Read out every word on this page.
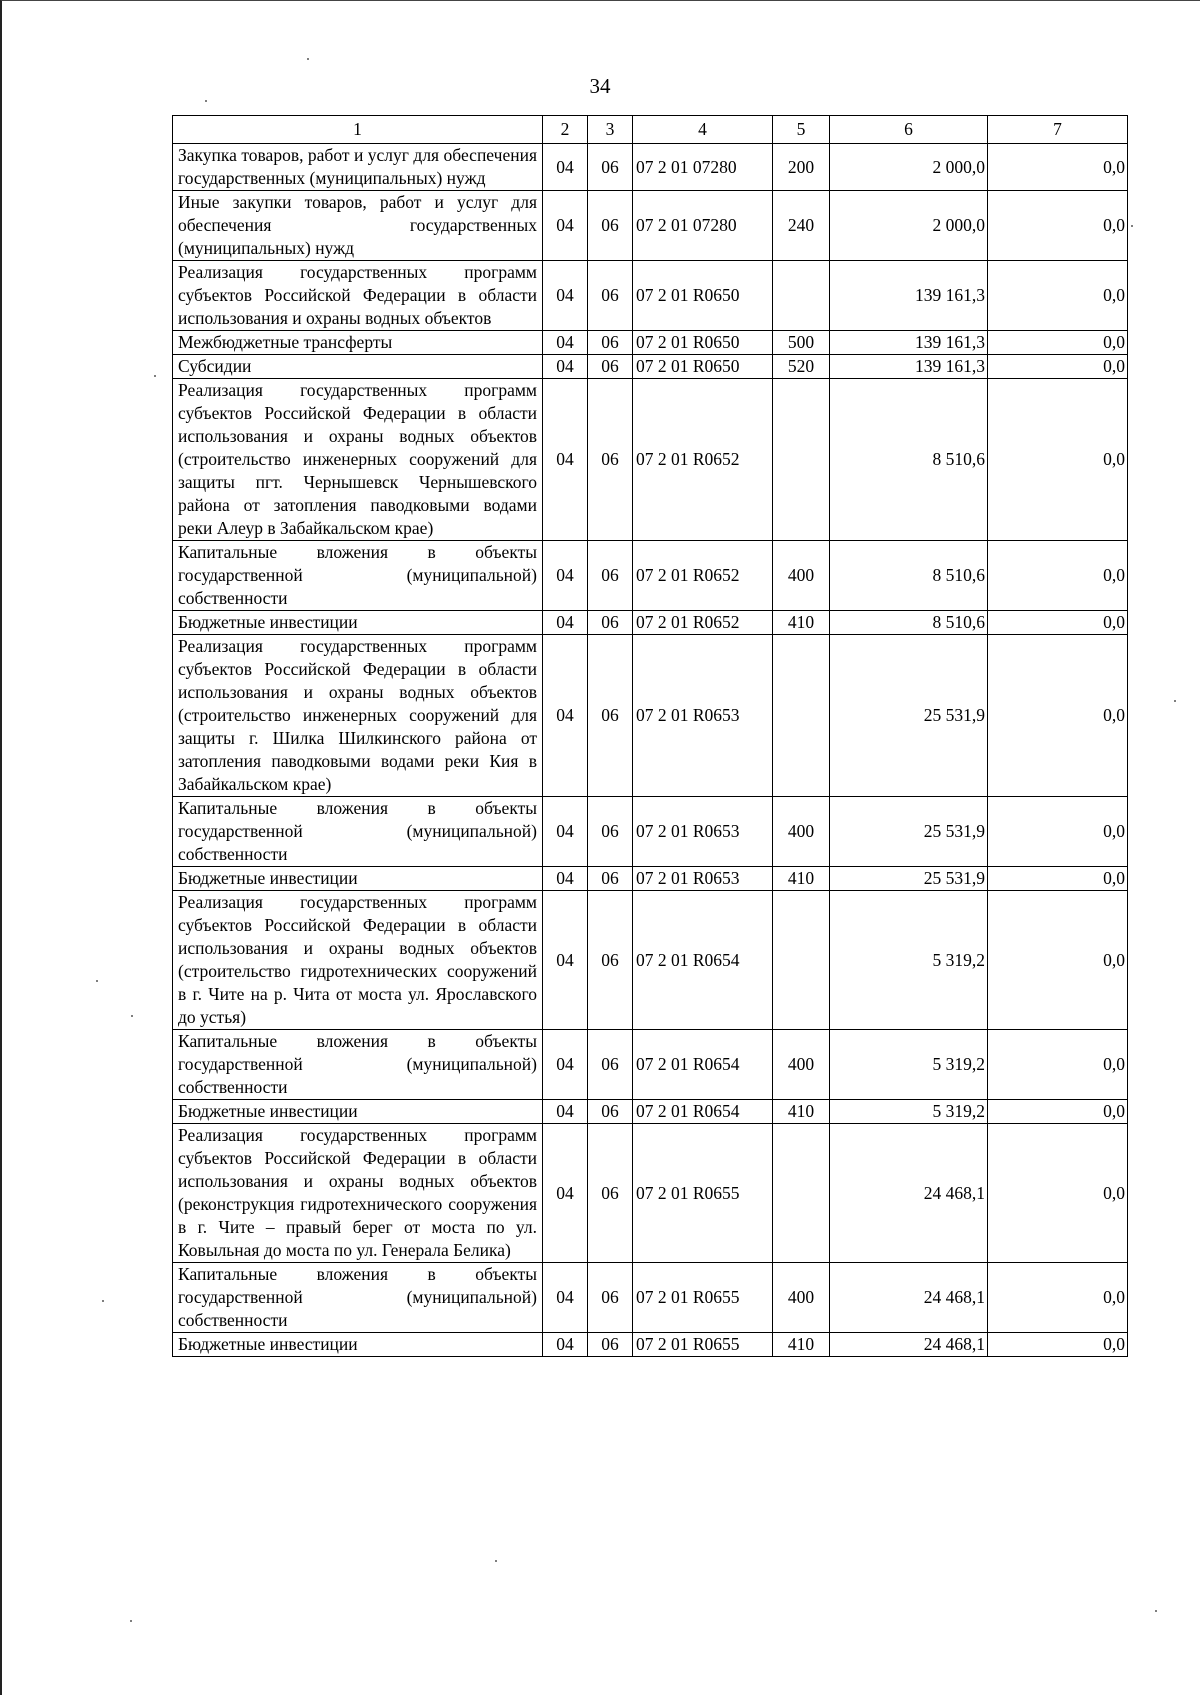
34
1	2	3	4	5	6	7
Закупка товаров, работ и услуг для обеспечения государственных (муниципальных) нужд	04	06	07 2 01 07280	200	2 000,0	0,0
Иные закупки товаров, работ и услуг для обеспечения государственных (муниципальных) нужд	04	06	07 2 01 07280	240	2 000,0	0,0
Реализация государственных программ субъектов Российской Федерации в области использования и охраны водных объектов	04	06	07 2 01 R0650		139 161,3	0,0
Межбюджетные трансферты	04	06	07 2 01 R0650	500	139 161,3	0,0
Субсидии	04	06	07 2 01 R0650	520	139 161,3	0,0
Реализация государственных программ субъектов Российской Федерации в области использования и охраны водных объектов (строительство инженерных сооружений для защиты пгт. Чернышевск Чернышевского района от затопления паводковыми водами реки Алеур в Забайкальском крае)	04	06	07 2 01 R0652		8 510,6	0,0
Капитальные вложения в объекты государственной (муниципальной) собственности	04	06	07 2 01 R0652	400	8 510,6	0,0
Бюджетные инвестиции	04	06	07 2 01 R0652	410	8 510,6	0,0
Реализация государственных программ субъектов Российской Федерации в области использования и охраны водных объектов (строительство инженерных сооружений для защиты г. Шилка Шилкинского района от затопления паводковыми водами реки Кия в Забайкальском крае)	04	06	07 2 01 R0653		25 531,9	0,0
Капитальные вложения в объекты государственной (муниципальной) собственности	04	06	07 2 01 R0653	400	25 531,9	0,0
Бюджетные инвестиции	04	06	07 2 01 R0653	410	25 531,9	0,0
Реализация государственных программ субъектов Российской Федерации в области использования и охраны водных объектов (строительство гидротехнических сооружений в г. Чите на р. Чита от моста ул. Ярославского до устья)	04	06	07 2 01 R0654		5 319,2	0,0
Капитальные вложения в объекты государственной (муниципальной) собственности	04	06	07 2 01 R0654	400	5 319,2	0,0
Бюджетные инвестиции	04	06	07 2 01 R0654	410	5 319,2	0,0
Реализация государственных программ субъектов Российской Федерации в области использования и охраны водных объектов (реконструкция гидротехнического сооружения в г. Чите – правый берег от моста по ул. Ковыльная до моста по ул. Генерала Белика)	04	06	07 2 01 R0655		24 468,1	0,0
Капитальные вложения в объекты государственной (муниципальной) собственности	04	06	07 2 01 R0655	400	24 468,1	0,0
Бюджетные инвестиции	04	06	07 2 01 R0655	410	24 468,1	0,0
